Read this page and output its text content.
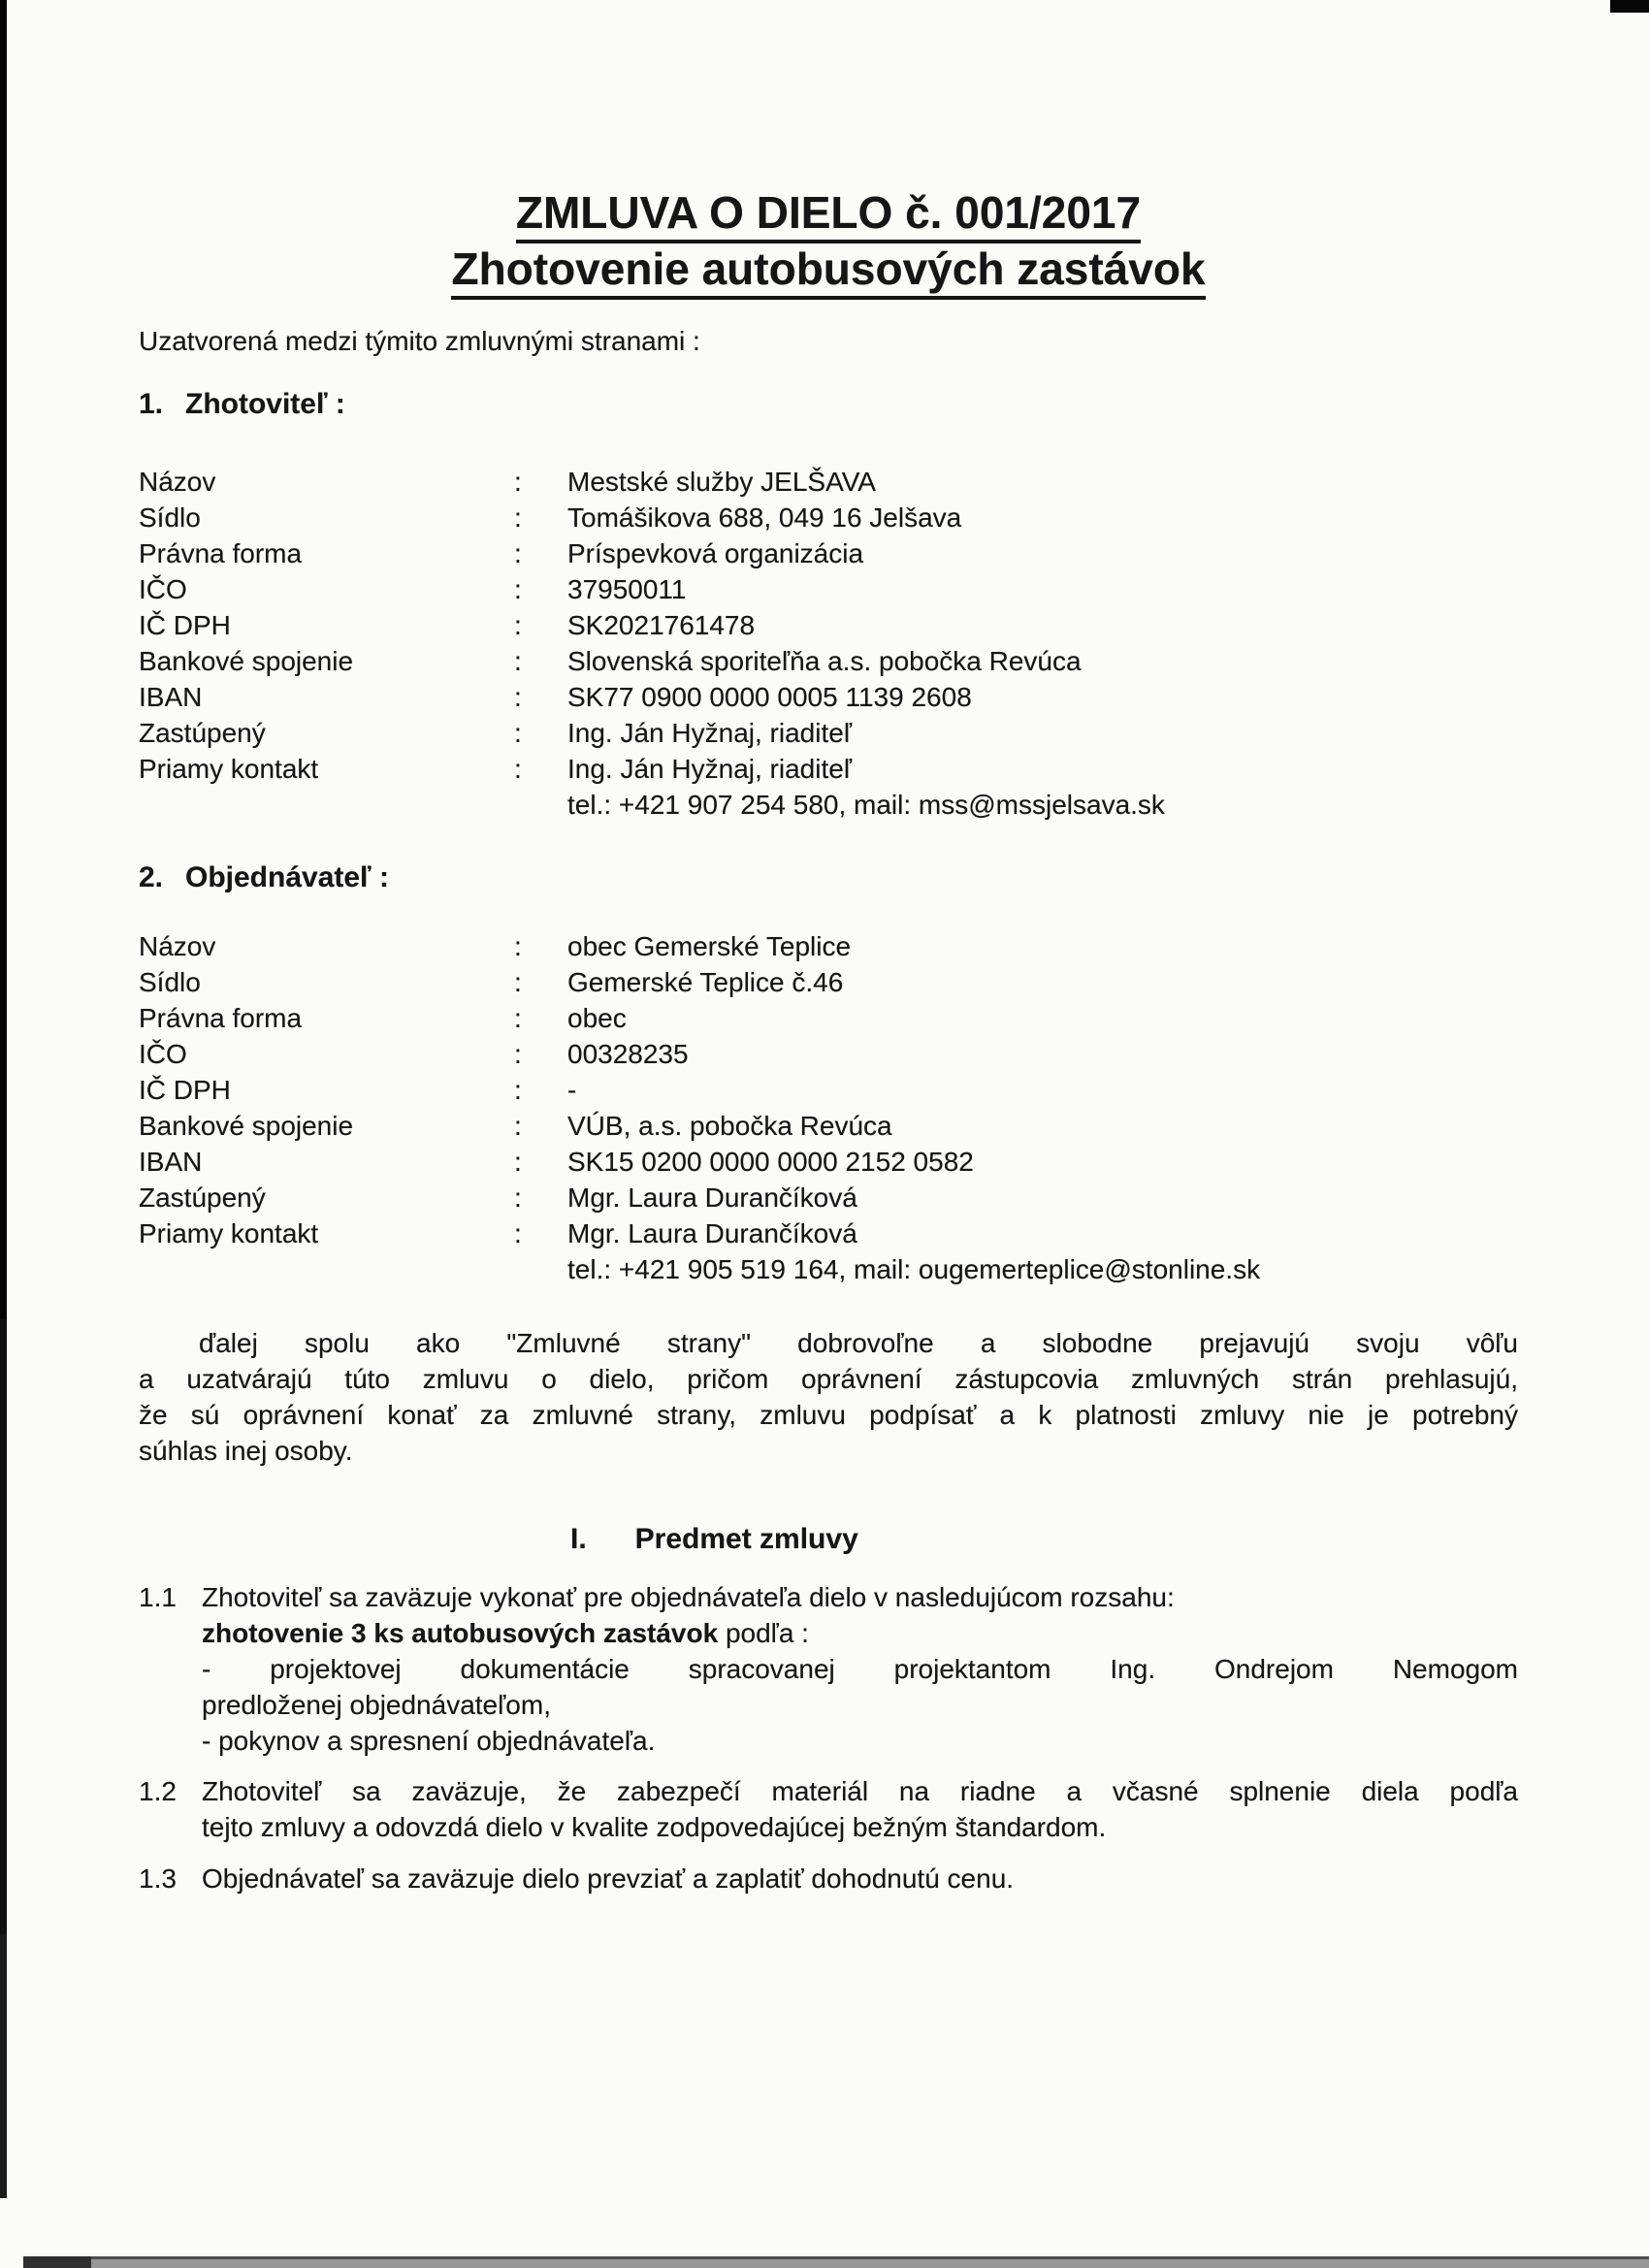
ZMLUVA O DIELO č. 001/2017
Zhotovenie autobusových zastávok
Uzatvorená medzi týmito zmluvnými stranami :
1. Zhotoviteľ :
Názov	: Mestské služby JELŠAVA
Sídlo	: Tomášikova 688, 049 16 Jelšava
Právna forma	: Príspevková organizácia
IČO	: 37950011
IČ DPH	: SK2021761478
Bankové spojenie	: Slovenská sporiteľňa a.s. pobočka Revúca
IBAN	: SK77 0900 0000 0005 1139 2608
Zastúpený	: Ing. Ján Hyžnaj, riaditeľ
Priamy kontakt	: Ing. Ján Hyžnaj, riaditeľ
tel.: +421 907 254 580, mail: mss@mssjelsava.sk
2. Objednávateľ :
Názov	: obec Gemerské Teplice
Sídlo	: Gemerské Teplice č.46
Právna forma	: obec
IČO	: 00328235
IČ DPH	: -
Bankové spojenie	: VÚB, a.s. pobočka Revúca
IBAN	: SK15 0200 0000 0000 2152 0582
Zastúpený	: Mgr. Laura Durančíková
Priamy kontakt	: Mgr. Laura Durančíková
tel.: +421 905 519 164, mail: ougemerteplice@stonline.sk
ďalej spolu ako "Zmluvné strany" dobrovoľne a slobodne prejavujú svoju vôľu
a uzatvárajú túto zmluvu o dielo, pričom oprávnení zástupcovia zmluvných strán prehlasujú,
že sú oprávnení konať za zmluvné strany, zmluvu podpísať a k platnosti zmluvy nie je potrebný
súhlas inej osoby.
I. Predmet zmluvy
1.1 Zhotoviteľ sa zaväzuje vykonať pre objednávateľa dielo v nasledujúcom rozsahu:
zhotovenie 3 ks autobusových zastávok podľa :
- projektovej dokumentácie spracovanej projektantom Ing. Ondrejom Nemogom
predloženej objednávateľom,
- pokynov a spresnení objednávateľa.
1.2 Zhotoviteľ sa zaväzuje, že zabezpečí materiál na riadne a včasné splnenie diela podľa
tejto zmluvy a odovzdá dielo v kvalite zodpovedajúcej bežným štandardom.
1.3 Objednávateľ sa zaväzuje dielo prevziať a zaplatiť dohodnutú cenu.
